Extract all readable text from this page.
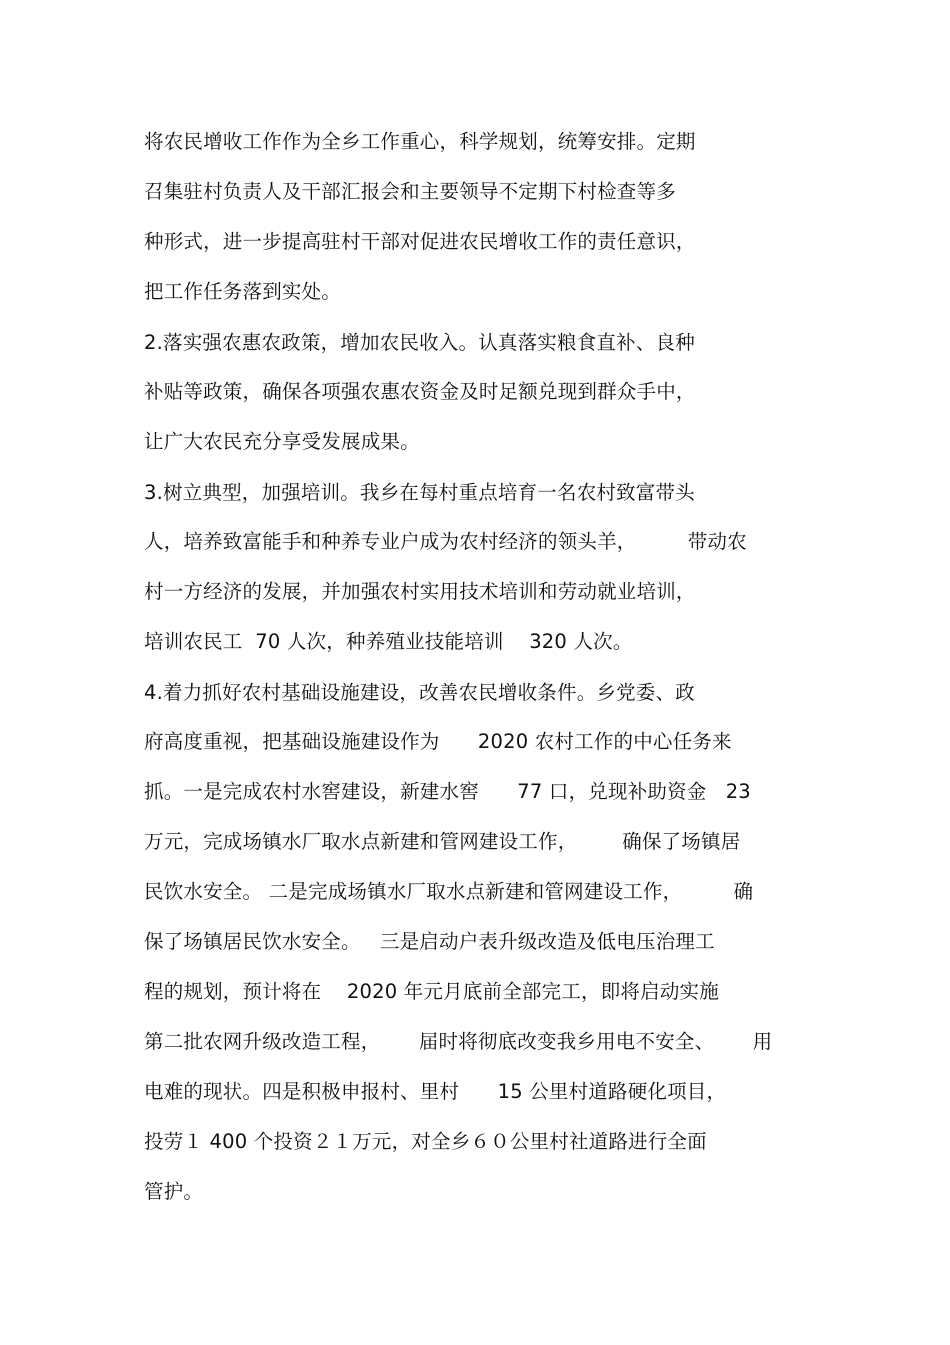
将农民增收工作作为全乡工作重心，科学规划，统筹安排。定期
召集驻村负责人及干部汇报会和主要领导不定期下村检查等多
种形式，进一步提高驻村干部对促进农民增收工作的责任意识，
把工作任务落到实处。
2.落实强农惠农政策，增加农民收入。认真落实粮食直补、良种
补贴等政策，确保各项强农惠农资金及时足额兑现到群众手中，
让广大农民充分享受发展成果。
3.树立典型，加强培训。我乡在每村重点培育一名农村致富带头
人，培养致富能手和种养专业户成为农村经济的领头羊，        带动农
村一方经济的发展，并加强农村实用技术培训和劳动就业培训，
培训农民工  70 人次，种养殖业技能培训    320 人次。
4.着力抓好农村基础设施建设，改善农民增收条件。乡党委、政
府高度重视，把基础设施建设作为      2020 农村工作的中心任务来
抓。一是完成农村水窖建设，新建水窖      77 口，兑现补助资金   23
万元，完成场镇水厂取水点新建和管网建设工作，       确保了场镇居
民饮水安全。 二是完成场镇水厂取水点新建和管网建设工作，        确
保了场镇居民饮水安全。   三是启动户表升级改造及低电压治理工
程的规划，预计将在    2020 年元月底前全部完工，即将启动实施
第二批农网升级改造工程，      届时将彻底改变我乡用电不安全、      用
电难的现状。四是积极申报村、里村      15 公里村道路硬化项目，
投劳１ 400 个投资２１万元，对全乡６０公里村社道路进行全面
管护。
